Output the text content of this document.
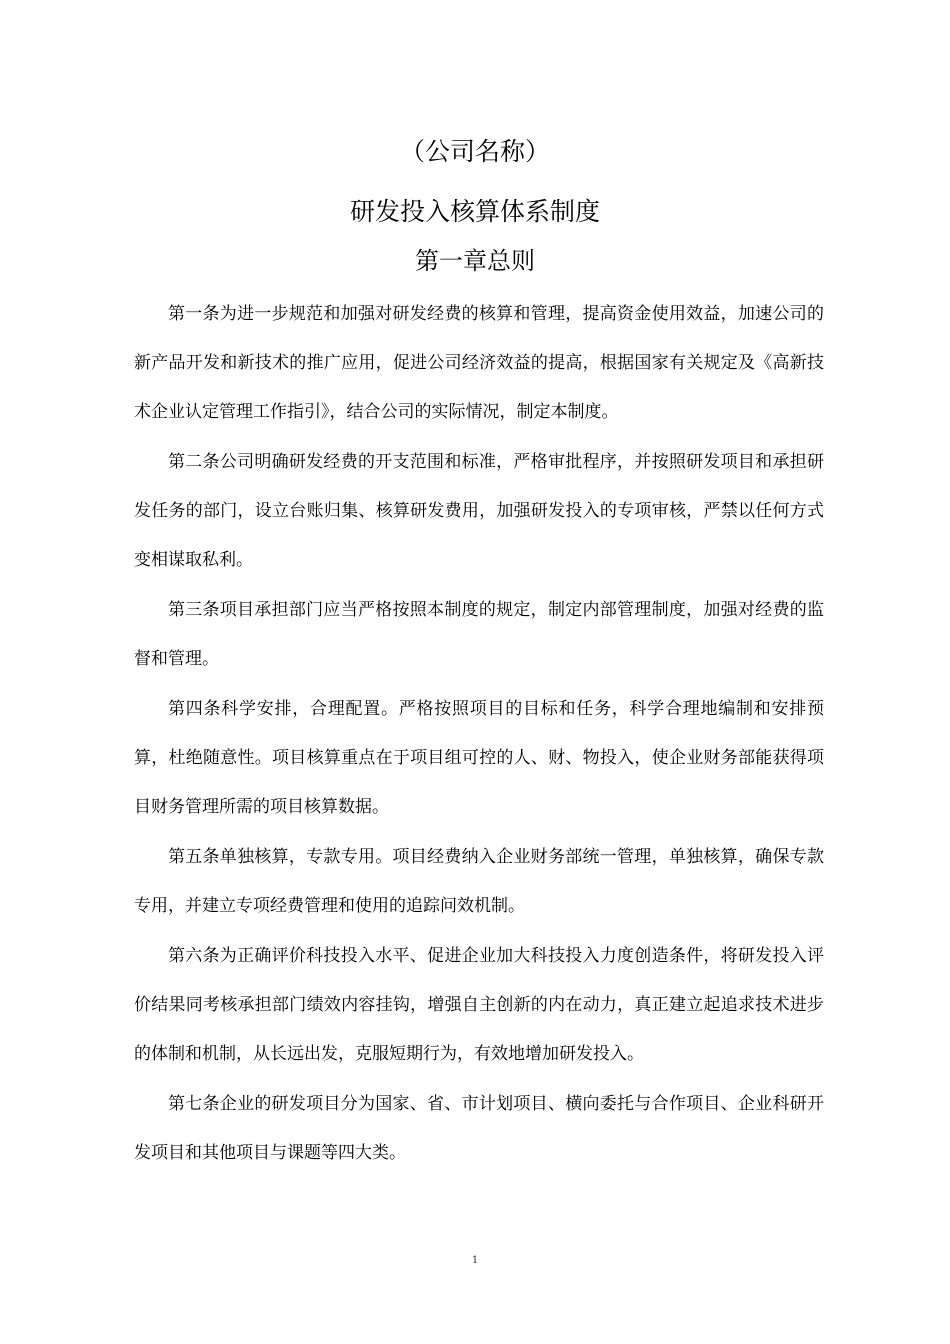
（公司名称）
研发投入核算体系制度
第一章总则
第一条为进一步规范和加强对研发经费的核算和管理，提高资金使用效益，加速公司的新产品开发和新技术的推广应用，促进公司经济效益的提高，根据国家有关规定及《高新技术企业认定管理工作指引》，结合公司的实际情况，制定本制度。
第二条公司明确研发经费的开支范围和标准，严格审批程序，并按照研发项目和承担研发任务的部门，设立台账归集、核算研发费用，加强研发投入的专项审核，严禁以任何方式变相谋取私利。
第三条项目承担部门应当严格按照本制度的规定，制定内部管理制度，加强对经费的监督和管理。
第四条科学安排，合理配置。严格按照项目的目标和任务，科学合理地编制和安排预算，杜绝随意性。项目核算重点在于项目组可控的人、财、物投入，使企业财务部能获得项目财务管理所需的项目核算数据。
第五条单独核算，专款专用。项目经费纳入企业财务部统一管理，单独核算，确保专款专用，并建立专项经费管理和使用的追踪问效机制。
第六条为正确评价科技投入水平、促进企业加大科技投入力度创造条件，将研发投入评价结果同考核承担部门绩效内容挂钩，增强自主创新的内在动力，真正建立起追求技术进步的体制和机制，从长远出发，克服短期行为，有效地增加研发投入。
第七条企业的研发项目分为国家、省、市计划项目、横向委托与合作项目、企业科研开发项目和其他项目与课题等四大类。
1
